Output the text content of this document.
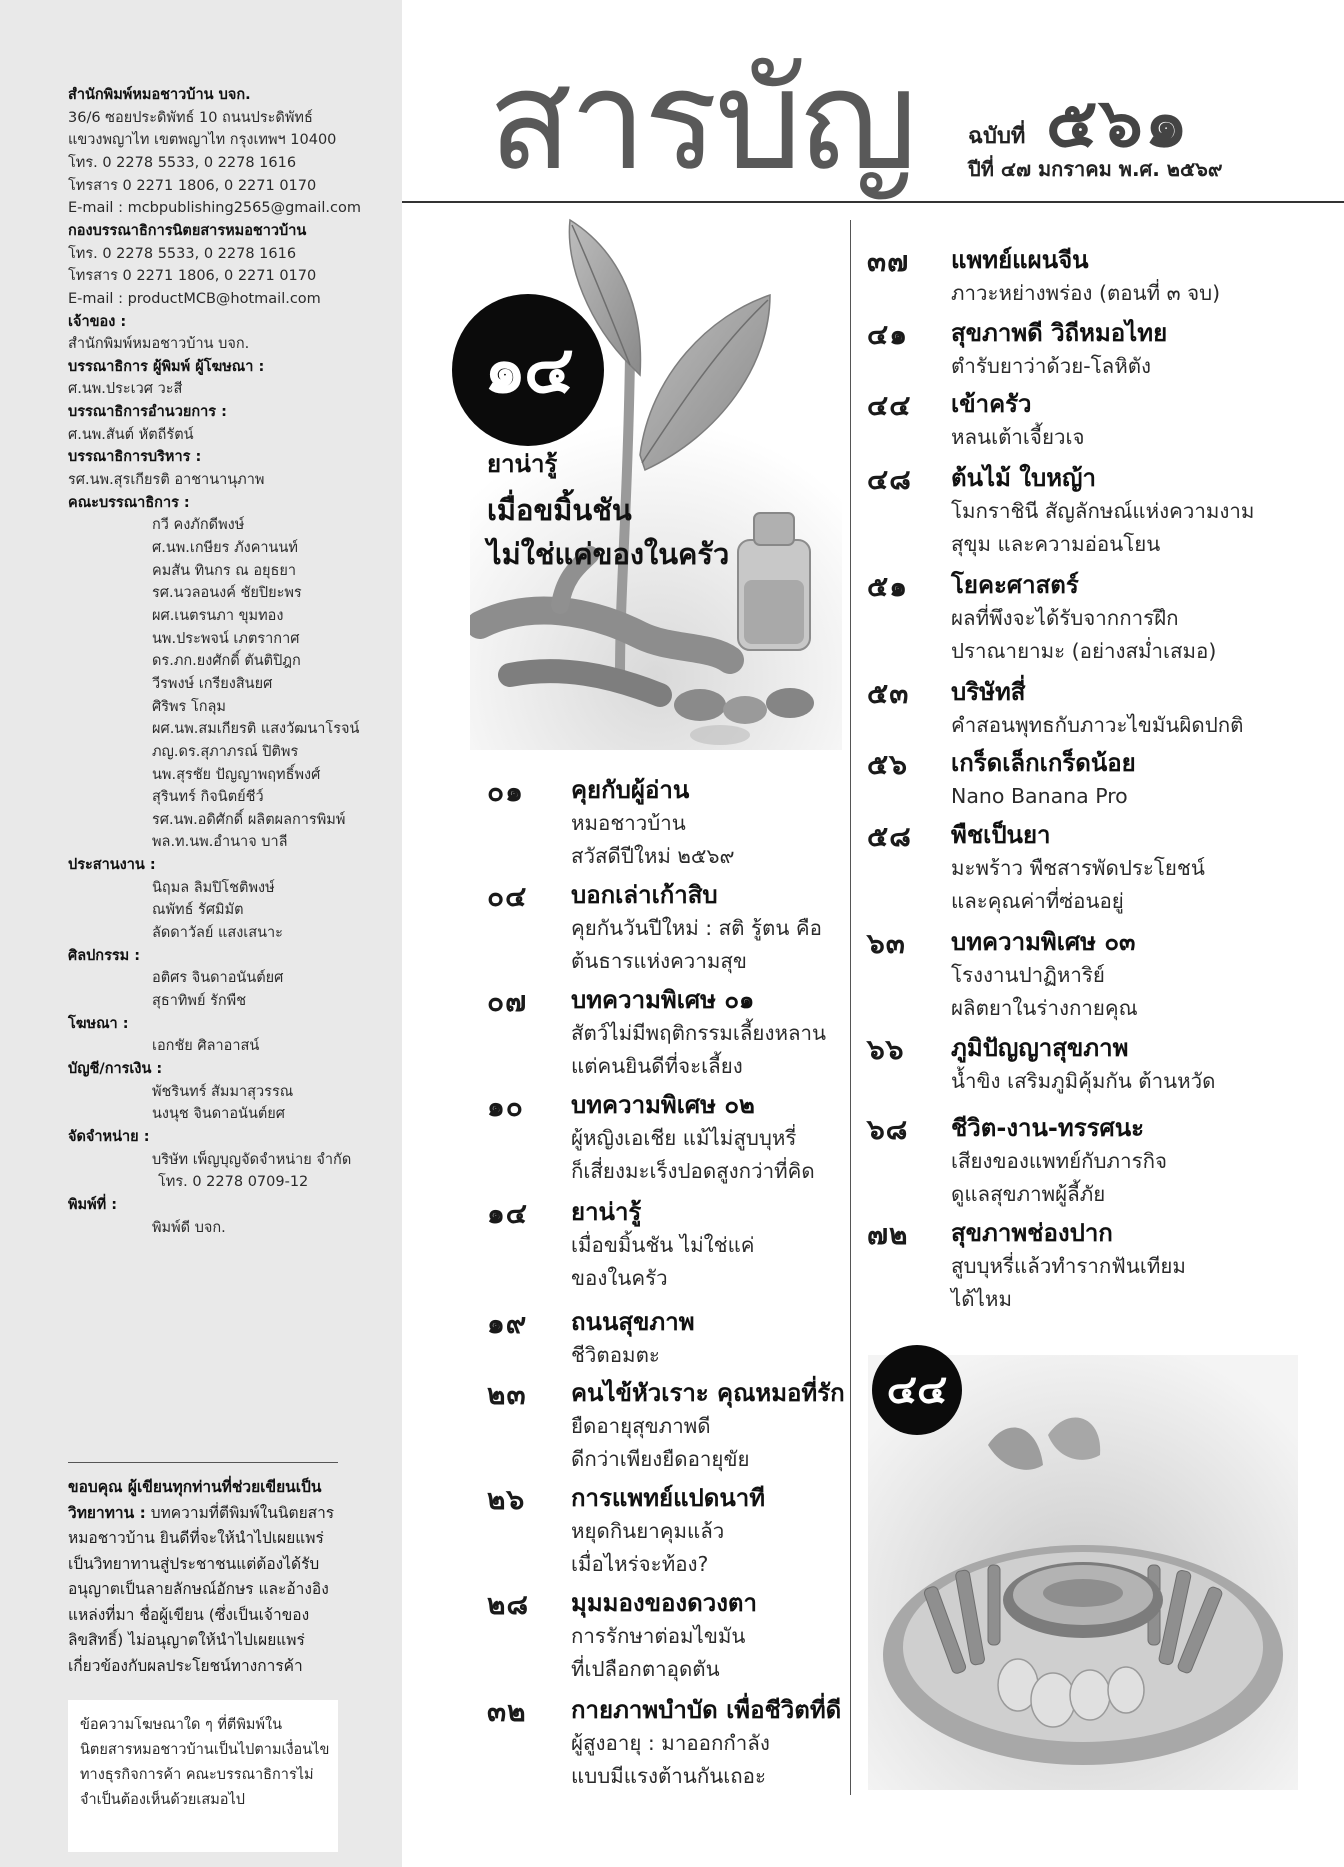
สำนักพิมพ์หมอชาวบ้าน บจก.
36/6 ซอยประดิพัทธ์ 10 ถนนประดิพัทธ์
แขวงพญาไท เขตพญาไท กรุงเทพฯ 10400
โทร. 0 2278 5533, 0 2278 1616
โทรสาร 0 2271 1806, 0 2271 0170
E-mail : mcbpublishing2565@gmail.com
กองบรรณาธิการนิตยสารหมอชาวบ้าน
โทร. 0 2278 5533, 0 2278 1616
โทรสาร 0 2271 1806, 0 2271 0170
E-mail : productMCB@hotmail.com
เจ้าของ :
สำนักพิมพ์หมอชาวบ้าน บจก.
บรรณาธิการ ผู้พิมพ์ ผู้โฆษณา :
ศ.นพ.ประเวศ วะสี
บรรณาธิการอำนวยการ :
ศ.นพ.สันต์ หัตถีรัตน์
บรรณาธิการบริหาร :
รศ.นพ.สุรเกียรติ อาชานานุภาพ
คณะบรรณาธิการ :
กวี คงภักดีพงษ์
ศ.นพ.เกษียร ภังคานนท์
คมสัน ทินกร ณ อยุธยา
รศ.นวลอนงค์ ชัยปิยะพร
ผศ.เนตรนภา ขุมทอง
นพ.ประพจน์ เภตรากาศ
ดร.ภก.ยงศักดิ์ ตันติปิฎก
วีรพงษ์ เกรียงสินยศ
ศิริพร โกลุม
ผศ.นพ.สมเกียรติ แสงวัฒนาโรจน์
ภญ.ดร.สุภาภรณ์ ปิติพร
นพ.สุรชัย ปัญญาพฤทธิ์พงศ์
สุรินทร์ กิจนิตย์ชีว์
รศ.นพ.อดิศักดิ์ ผลิตผลการพิมพ์
พล.ท.นพ.อำนาจ บาลี
ประสานงาน :
นิฤมล ลิมปิโชติพงษ์
ณพัทธ์ รัศมิมัต
ลัดดาวัลย์ แสงเสนาะ
ศิลปกรรม :
อติศร จินดาอนันต์ยศ
สุธาทิพย์ รักพืช
โฆษณา :
เอกชัย ศิลาอาสน์
บัญชี/การเงิน :
พัชรินทร์ สัมมาสุวรรณ
นงนุช จินดาอนันต์ยศ
จัดจำหน่าย :
บริษัท เพ็ญบุญจัดจำหน่าย จำกัด
โทร. 0 2278 0709-12
พิมพ์ที่ :
พิมพ์ดี บจก.
ขอบคุณ ผู้เขียนทุกท่านที่ช่วยเขียนเป็นวิทยาทาน : บทความที่ตีพิมพ์ในนิตยสารหมอชาวบ้าน ยินดีที่จะให้นำไปเผยแพร่เป็นวิทยาทานสู่ประชาชนแต่ต้องได้รับอนุญาตเป็นลายลักษณ์อักษร และอ้างอิงแหล่งที่มา ชื่อผู้เขียน (ซึ่งเป็นเจ้าของลิขสิทธิ์) ไม่อนุญาตให้นำไปเผยแพร่เกี่ยวข้องกับผลประโยชน์ทางการค้า
ข้อความโฆษณาใด ๆ ที่ตีพิมพ์ในนิตยสารหมอชาวบ้านเป็นไปตามเงื่อนไขทางธุรกิจการค้า คณะบรรณาธิการไม่จำเป็นต้องเห็นด้วยเสมอไป
สารบัญ ฉบับที่ ๕๖๑
ปีที่ ๔๗ มกราคม พ.ศ. ๒๕๖๙
๑๔
ยาน่ารู้
เมื่อขมิ้นชัน
ไม่ใช่แค่ของในครัว
๐๑ คุยกับผู้อ่าน
หมอชาวบ้าน
สวัสดีปีใหม่ ๒๕๖๙
๐๔ บอกเล่าเก้าสิบ
คุยกันวันปีใหม่ : สติ รู้ตน คือ
ต้นธารแห่งความสุข
๐๗ บทความพิเศษ ๐๑
สัตว์ไม่มีพฤติกรรมเลี้ยงหลาน
แต่คนยินดีที่จะเลี้ยง
๑๐ บทความพิเศษ ๐๒
ผู้หญิงเอเชีย แม้ไม่สูบบุหรี่
ก็เสี่ยงมะเร็งปอดสูงกว่าที่คิด
๑๔ ยาน่ารู้
เมื่อขมิ้นชัน ไม่ใช่แค่
ของในครัว
๑๙ ถนนสุขภาพ
ชีวิตอมตะ
๒๓ คนไข้หัวเราะ คุณหมอที่รัก
ยืดอายุสุขภาพดี
ดีกว่าเพียงยืดอายุขัย
๒๖ การแพทย์แปดนาที
หยุดกินยาคุมแล้ว
เมื่อไหร่จะท้อง?
๒๘ มุมมองของดวงตา
การรักษาต่อมไขมัน
ที่เปลือกตาอุดตัน
๓๒ กายภาพบำบัด เพื่อชีวิตที่ดี
ผู้สูงอายุ : มาออกกำลัง
แบบมีแรงต้านกันเถอะ
๓๗ แพทย์แผนจีน
ภาวะหย่างพร่อง (ตอนที่ ๓ จบ)
๔๑ สุขภาพดี วิถีหมอไทย
ตำรับยาว่าด้วย-โลหิตัง
๔๔ เข้าครัว
หลนเต้าเจี้ยวเจ
๔๘ ต้นไม้ ใบหญ้า
โมกราชินี สัญลักษณ์แห่งความงาม
สุขุม และความอ่อนโยน
๕๑ โยคะศาสตร์
ผลที่พึงจะได้รับจากการฝึก
ปราณายามะ (อย่างสม่ำเสมอ)
๕๓ บริษัทสี่
คำสอนพุทธกับภาวะไขมันผิดปกติ
๕๖ เกร็ดเล็กเกร็ดน้อย
Nano Banana Pro
๕๘ พืชเป็นยา
มะพร้าว พืชสารพัดประโยชน์
และคุณค่าที่ซ่อนอยู่
๖๓ บทความพิเศษ ๐๓
โรงงานปาฏิหาริย์
ผลิตยาในร่างกายคุณ
๖๖ ภูมิปัญญาสุขภาพ
น้ำขิง เสริมภูมิคุ้มกัน ต้านหวัด
๖๘ ชีวิต-งาน-ทรรศนะ
เสียงของแพทย์กับภารกิจ
ดูแลสุขภาพผู้ลี้ภัย
๗๒ สุขภาพช่องปาก
สูบบุหรี่แล้วทำรากฟันเทียม
ได้ไหม
๔๔
